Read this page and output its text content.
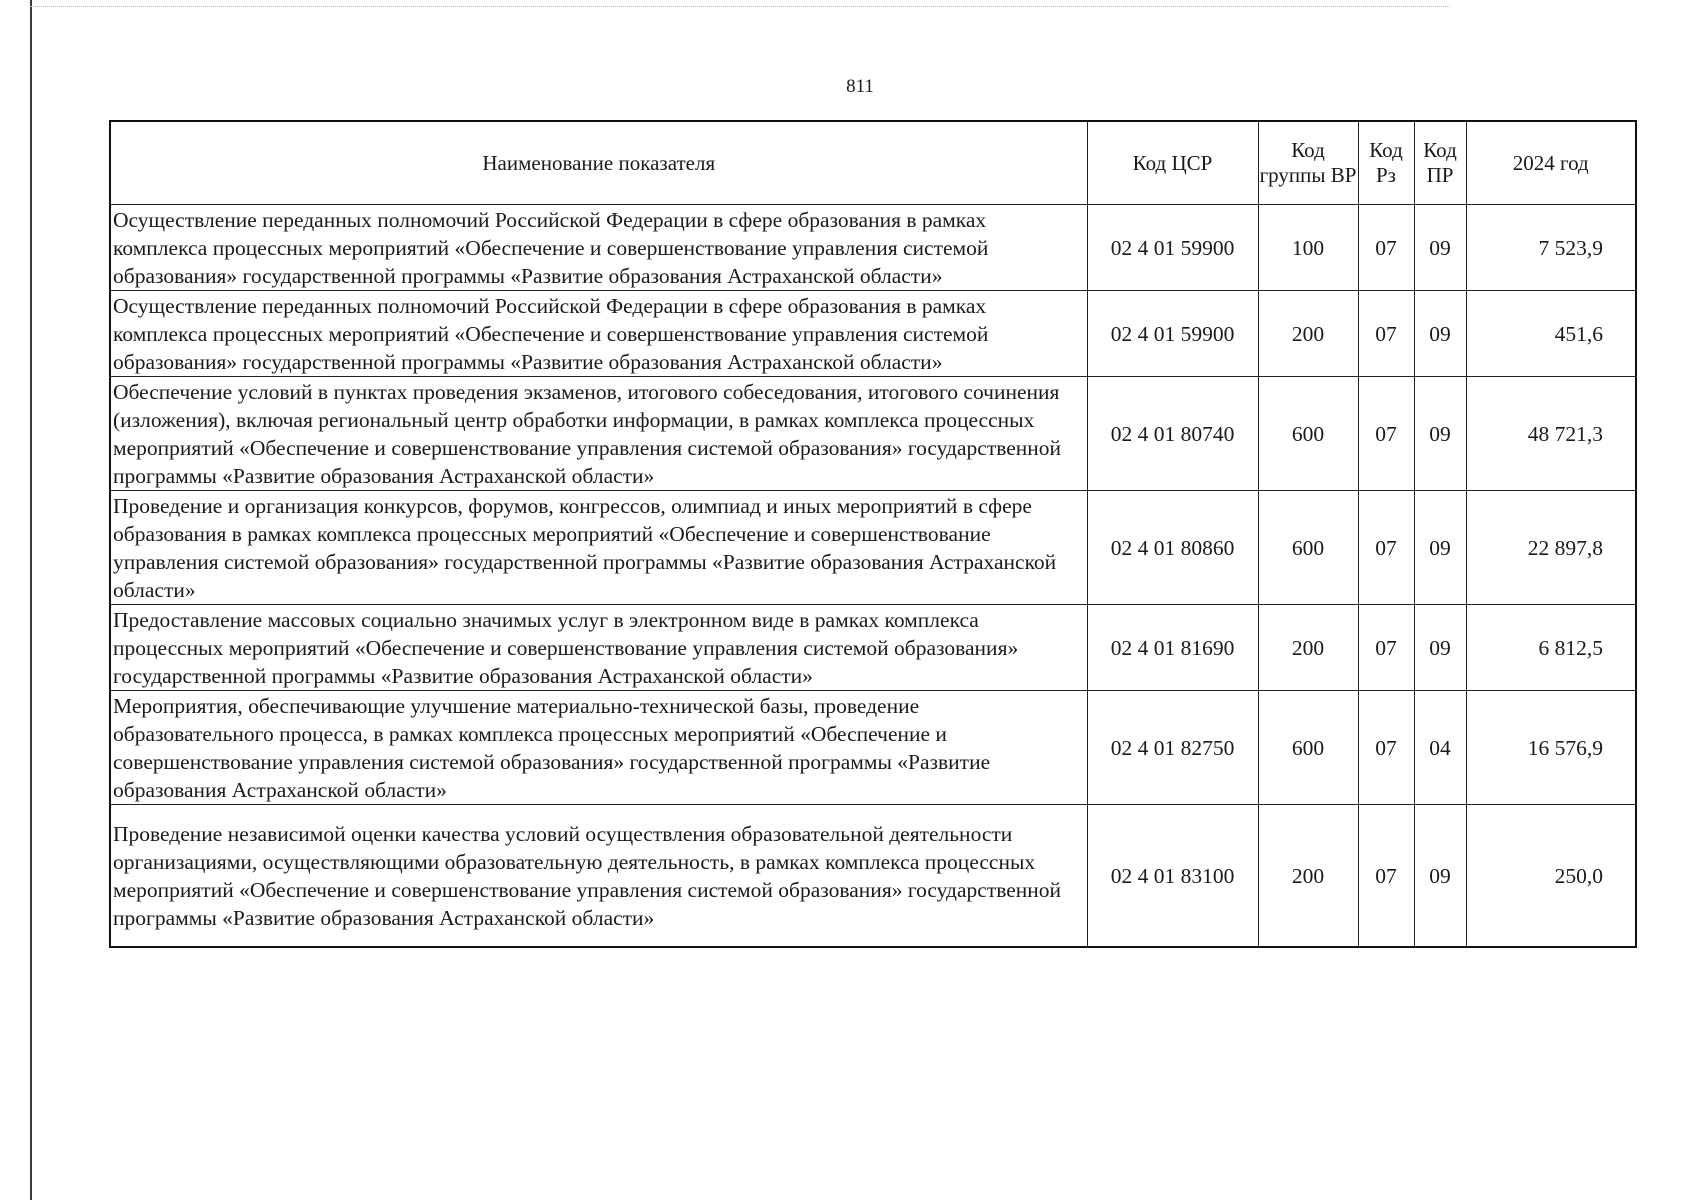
811
Наименование показателя	Код ЦСР	Код группы ВР	Код Рз	Код ПР	2024 год
Осуществление переданных полномочий Российской Федерации в сфере образования в рамках комплекса процессных мероприятий «Обеспечение и совершенствование управления системой образования» государственной программы «Развитие образования Астраханской области»	02 4 01 59900	100	07	09	7 523,9
Осуществление переданных полномочий Российской Федерации в сфере образования в рамках комплекса процессных мероприятий «Обеспечение и совершенствование управления системой образования» государственной программы «Развитие образования Астраханской области»	02 4 01 59900	200	07	09	451,6
Обеспечение условий в пунктах проведения экзаменов, итогового собеседования, итогового сочинения (изложения), включая региональный центр обработки информации, в рамках комплекса процессных мероприятий «Обеспечение и совершенствование управления системой образования» государственной программы «Развитие образования Астраханской области»	02 4 01 80740	600	07	09	48 721,3
Проведение и организация конкурсов, форумов, конгрессов, олимпиад и иных мероприятий в сфере образования в рамках комплекса процессных мероприятий «Обеспечение и совершенствование управления системой образования» государственной программы «Развитие образования Астраханской области»	02 4 01 80860	600	07	09	22 897,8
Предоставление массовых социально значимых услуг в электронном виде в рамках комплекса процессных мероприятий «Обеспечение и совершенствование управления системой образования» государственной программы «Развитие образования Астраханской области»	02 4 01 81690	200	07	09	6 812,5
Мероприятия, обеспечивающие улучшение материально-технической базы, проведение образовательного процесса, в рамках комплекса процессных мероприятий «Обеспечение и совершенствование управления системой образования» государственной программы «Развитие образования Астраханской области»	02 4 01 82750	600	07	04	16 576,9
Проведение независимой оценки качества условий осуществления образовательной деятельности организациями, осуществляющими образовательную деятельность, в рамках комплекса процессных мероприятий «Обеспечение и совершенствование управления системой образования» государственной программы «Развитие образования Астраханской области»	02 4 01 83100	200	07	09	250,0
